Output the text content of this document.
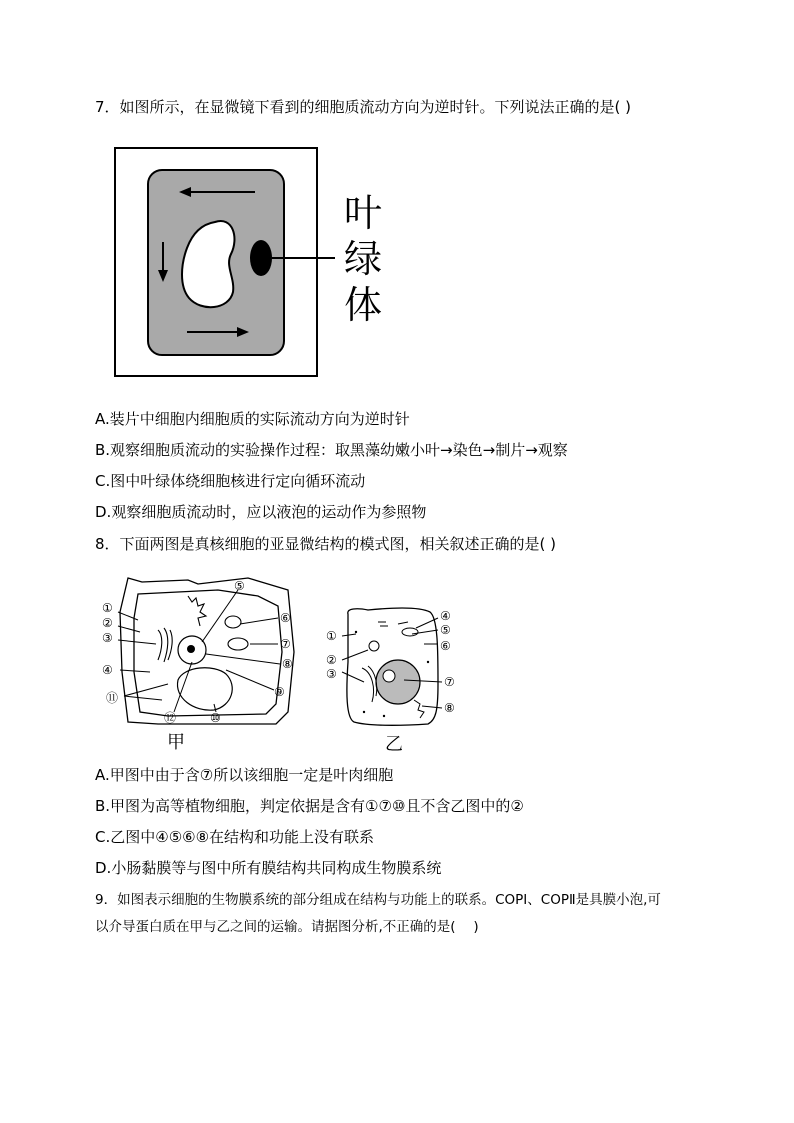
7．如图所示，在显微镜下看到的细胞质流动方向为逆时针。下列说法正确的是( )
叶
绿
体
A.装片中细胞内细胞质的实际流动方向为逆时针
B.观察细胞质流动的实验操作过程：取黑藻幼嫩小叶→染色→制片→观察
C.图中叶绿体绕细胞核进行定向循环流动
D.观察细胞质流动时，应以液泡的运动作为参照物
8．下面两图是真核细胞的亚显微结构的模式图，相关叙述正确的是( )
①
②
③
④
⑤
⑥
⑦
⑧
⑨
⑩
⑪
⑫
甲
①
②
③
④
⑤
⑥
⑦
⑧
乙
A.甲图中由于含⑦所以该细胞一定是叶肉细胞
B.甲图为高等植物细胞，判定依据是含有①⑦⑩且不含乙图中的②
C.乙图中④⑤⑥⑧在结构和功能上没有联系
D.小肠黏膜等与图中所有膜结构共同构成生物膜系统
9．如图表示细胞的生物膜系统的部分组成在结构与功能上的联系。COPⅠ、COPⅡ是具膜小泡,可
以介导蛋白质在甲与乙之间的运输。请据图分析,不正确的是(　 )
